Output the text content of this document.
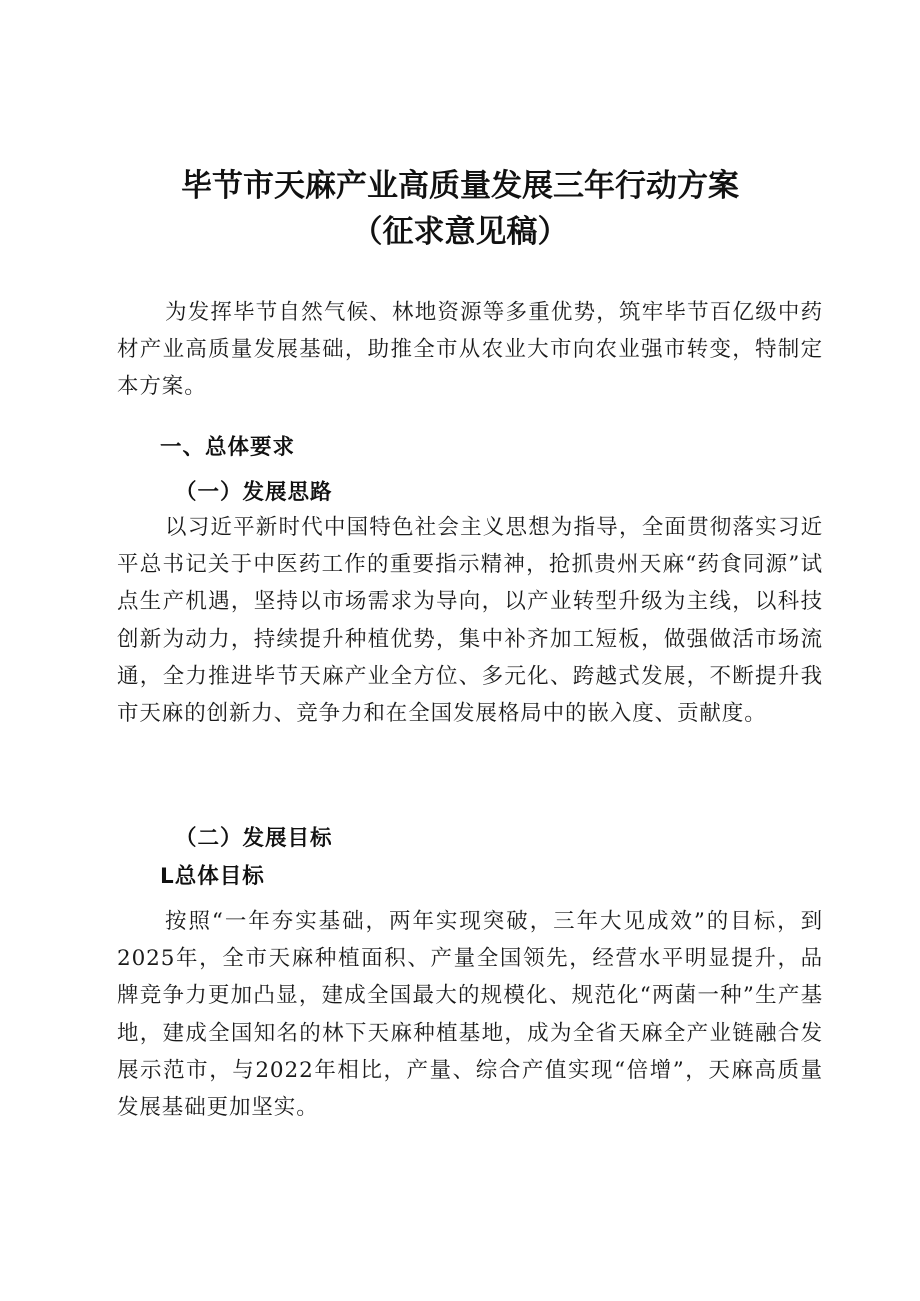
毕节市天麻产业高质量发展三年行动方案
（征求意见稿）
为发挥毕节自然气候、林地资源等多重优势，筑牢毕节百亿级中药材产业高质量发展基础，助推全市从农业大市向农业强市转变，特制定本方案。
一、总体要求
（一）发展思路
以习近平新时代中国特色社会主义思想为指导，全面贯彻落实习近平总书记关于中医药工作的重要指示精神，抢抓贵州天麻“药食同源”试点生产机遇，坚持以市场需求为导向，以产业转型升级为主线，以科技创新为动力，持续提升种植优势，集中补齐加工短板，做强做活市场流通，全力推进毕节天麻产业全方位、多元化、跨越式发展，不断提升我市天麻的创新力、竞争力和在全国发展格局中的嵌入度、贡献度。
（二）发展目标
L总体目标
按照“一年夯实基础，两年实现突破，三年大见成效”的目标，到2025年，全市天麻种植面积、产量全国领先，经营水平明显提升，品牌竞争力更加凸显，建成全国最大的规模化、规范化“两菌一种”生产基地，建成全国知名的林下天麻种植基地，成为全省天麻全产业链融合发展示范市，与2022年相比，产量、综合产值实现“倍增”，天麻高质量发展基础更加坚实。
